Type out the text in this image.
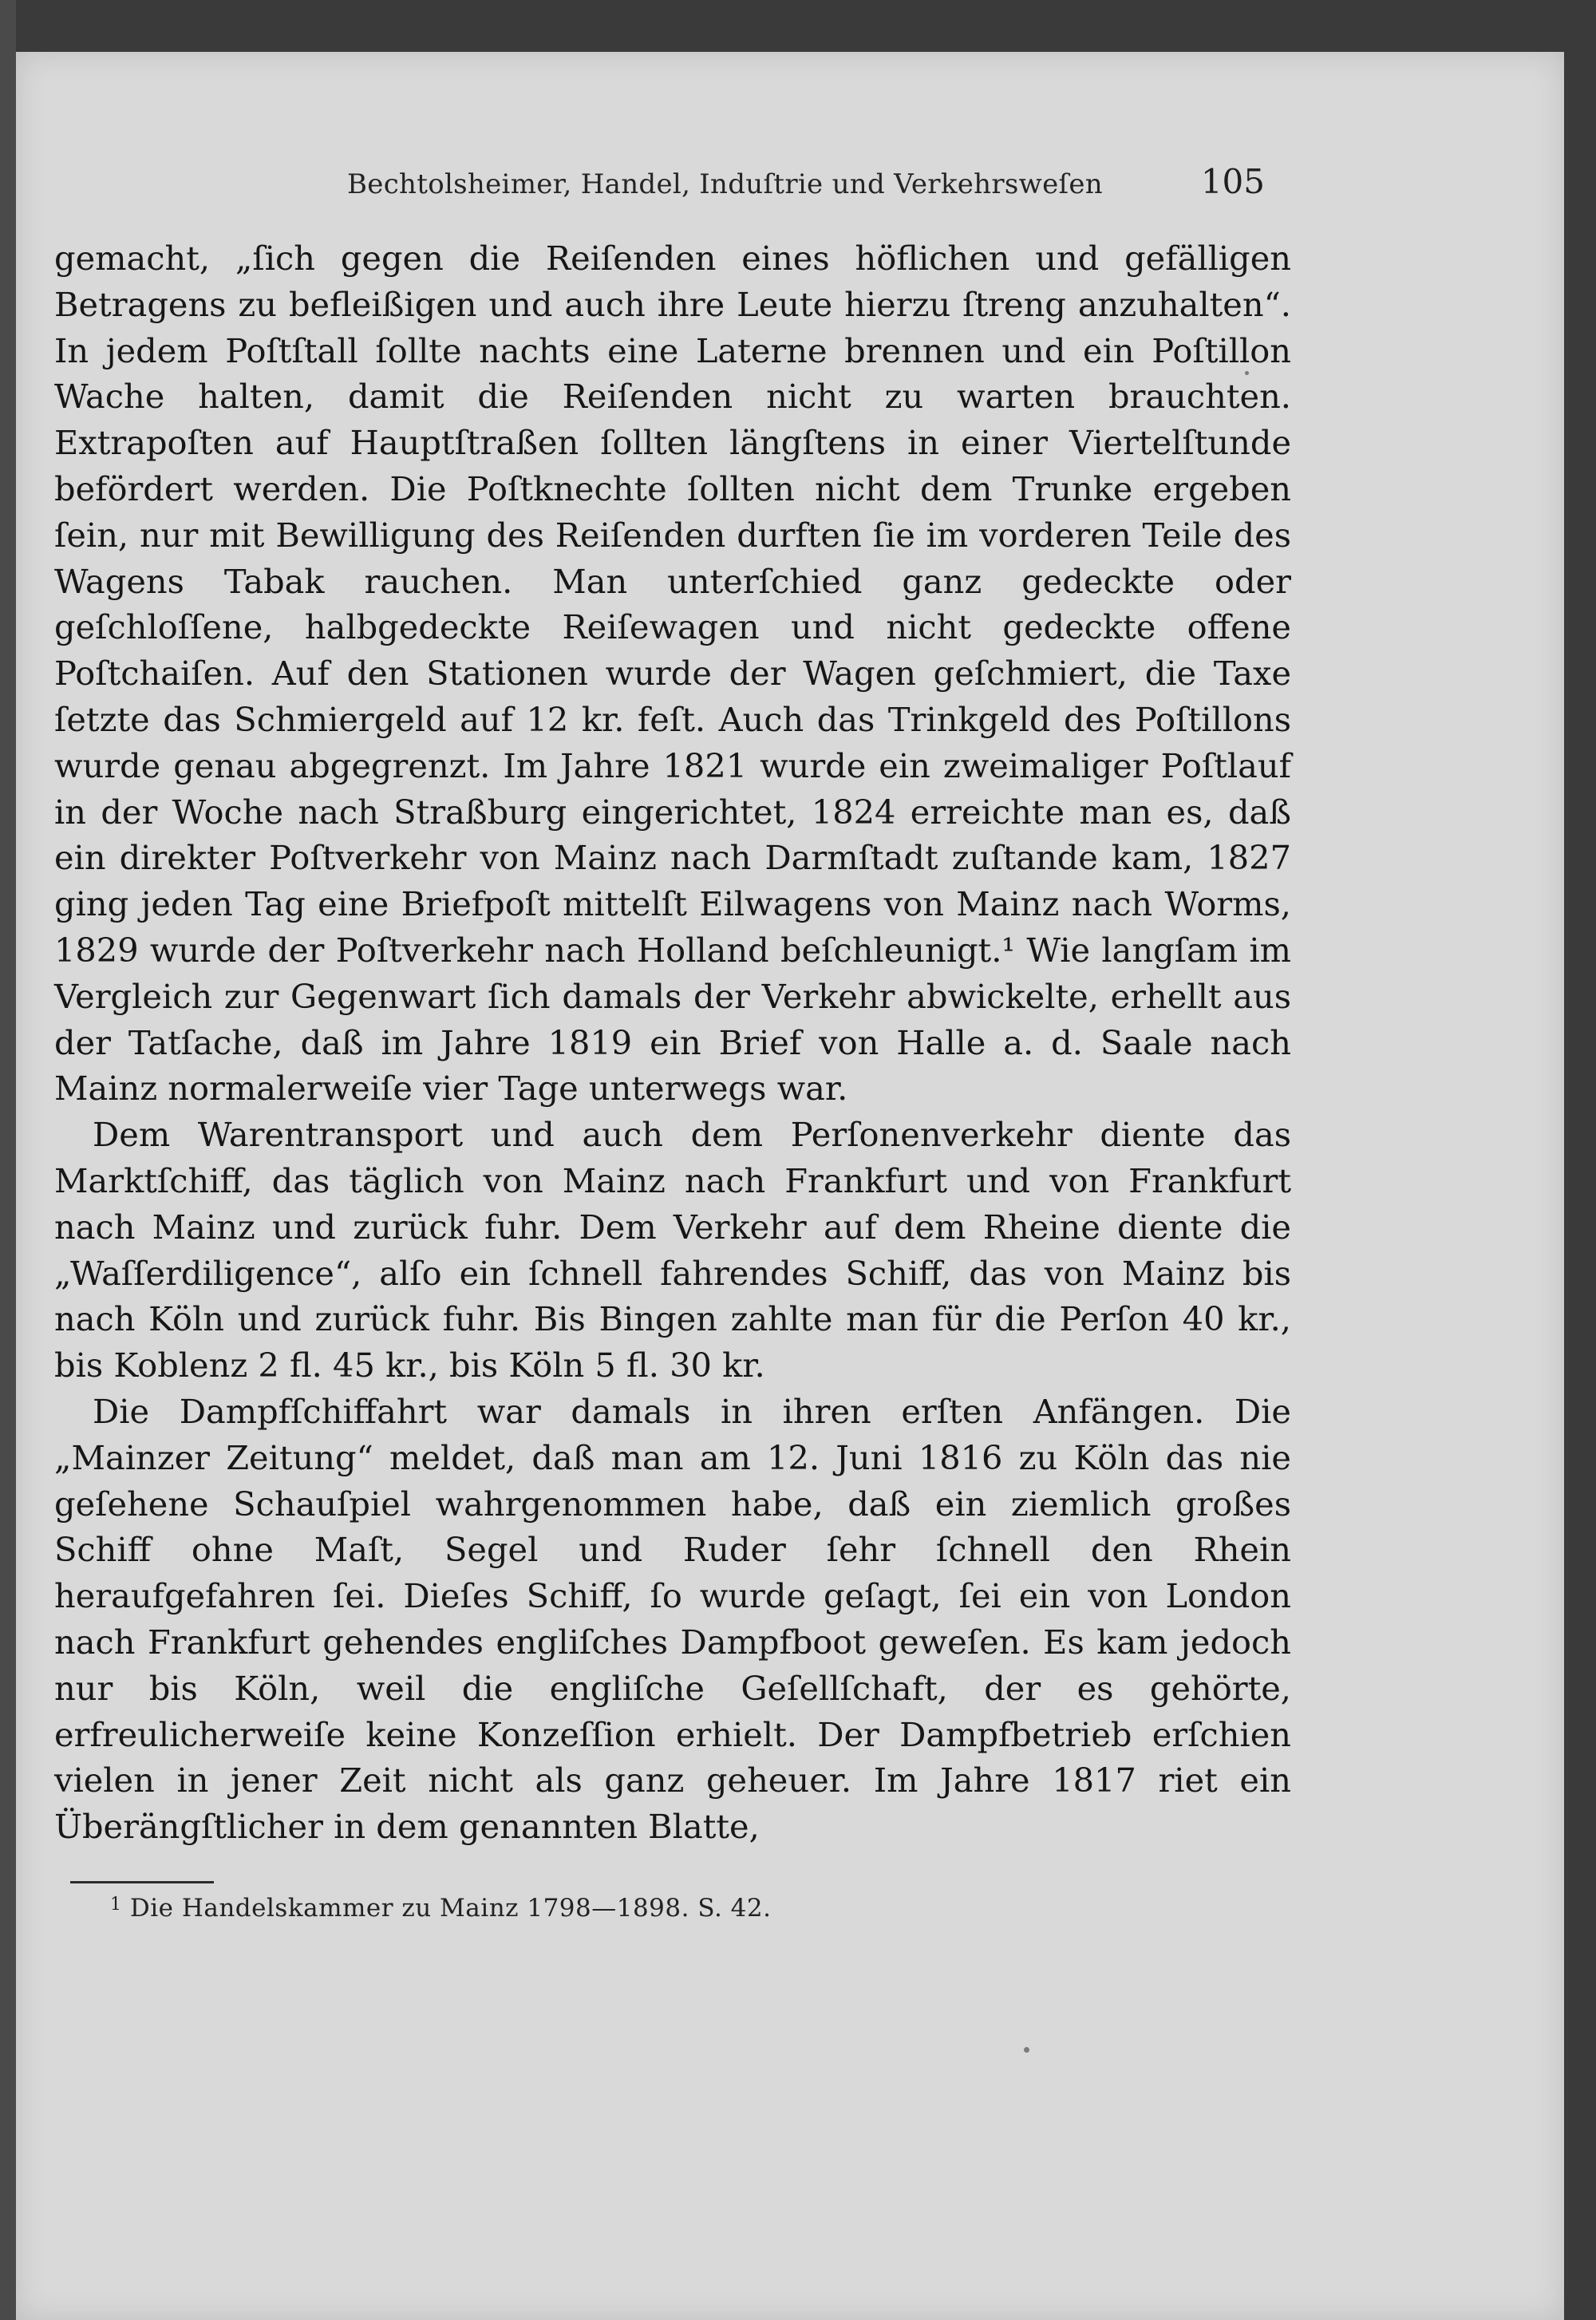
Bechtolsheimer, Handel, Induſtrie und Verkehrsweſen	105

gemacht, „ſich gegen die Reiſenden eines höflichen und gefälligen Betragens zu befleißigen und auch ihre Leute hierzu ſtreng anzuhalten“. In jedem Poſtſtall ſollte nachts eine Laterne brennen und ein Poſtillon Wache halten, damit die Reiſenden nicht zu warten brauchten. Extrapoſten auf Hauptſtraßen ſollten längſtens in einer Viertelſtunde befördert werden. Die Poſtknechte ſollten nicht dem Trunke ergeben ſein, nur mit Bewilligung des Reiſenden durften ſie im vorderen Teile des Wagens Tabak rauchen. Man unterſchied ganz gedeckte oder geſchloſſene, halbgedeckte Reiſewagen und nicht gedeckte offene Poſtchaiſen. Auf den Stationen wurde der Wagen geſchmiert, die Taxe ſetzte das Schmiergeld auf 12 kr. feſt. Auch das Trinkgeld des Poſtillons wurde genau abgegrenzt. Im Jahre 1821 wurde ein zweimaliger Poſtlauf in der Woche nach Straßburg eingerichtet, 1824 erreichte man es, daß ein direkter Poſtverkehr von Mainz nach Darmſtadt zuſtande kam, 1827 ging jeden Tag eine Briefpoſt mittelſt Eilwagens von Mainz nach Worms, 1829 wurde der Poſtverkehr nach Holland beſchleunigt.¹ Wie langſam im Vergleich zur Gegenwart ſich damals der Verkehr abwickelte, erhellt aus der Tatſache, daß im Jahre 1819 ein Brief von Halle a. d. Saale nach Mainz normalerweiſe vier Tage unterwegs war.

Dem Warentransport und auch dem Perſonenverkehr diente das Marktſchiff, das täglich von Mainz nach Frankfurt und von Frankfurt nach Mainz und zurück fuhr. Dem Verkehr auf dem Rheine diente die „Waſſerdiligence“, alſo ein ſchnell fahrendes Schiff, das von Mainz bis nach Köln und zurück fuhr. Bis Bingen zahlte man für die Perſon 40 kr., bis Koblenz 2 fl. 45 kr., bis Köln 5 fl. 30 kr.

Die Dampfſchiffahrt war damals in ihren erſten Anfängen. Die „Mainzer Zeitung“ meldet, daß man am 12. Juni 1816 zu Köln das nie geſehene Schauſpiel wahrgenommen habe, daß ein ziemlich großes Schiff ohne Maſt, Segel und Ruder ſehr ſchnell den Rhein heraufgefahren ſei. Dieſes Schiff, ſo wurde geſagt, ſei ein von London nach Frankfurt gehendes engliſches Dampfboot geweſen. Es kam jedoch nur bis Köln, weil die engliſche Geſellſchaft, der es gehörte, erfreulicherweiſe keine Konzeſſion erhielt. Der Dampfbetrieb erſchien vielen in jener Zeit nicht als ganz geheuer. Im Jahre 1817 riet ein Überängſtlicher in dem genannten Blatte,

$^1$ Die Handelskammer zu Mainz 1798—1898. S. 42.
